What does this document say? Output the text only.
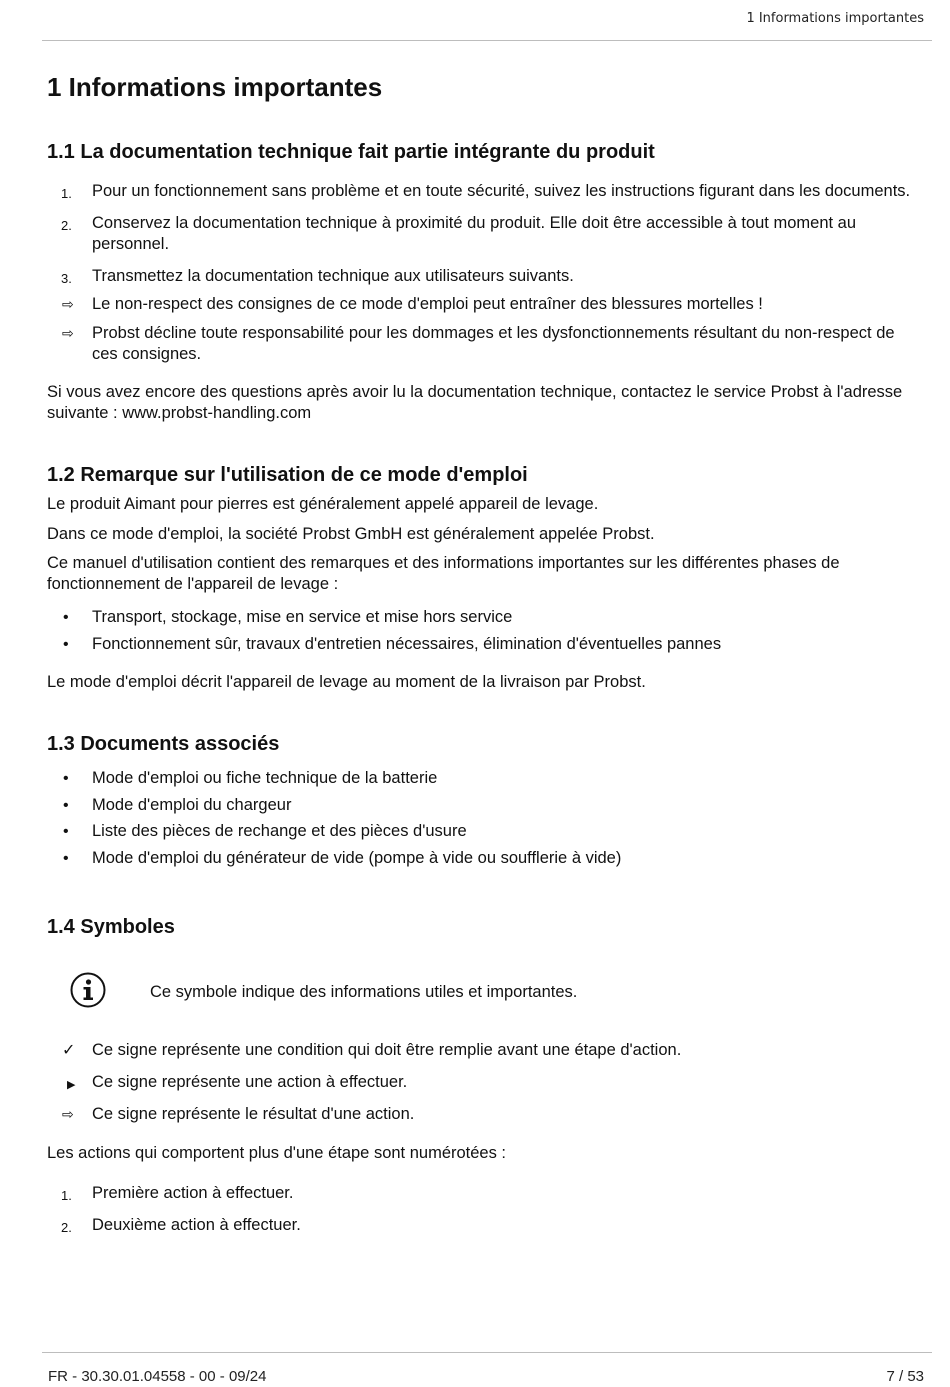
1 Informations importantes
1 Informations importantes
1.1 La documentation technique fait partie intégrante du produit
1.	Pour un fonctionnement sans problème et en toute sécurité, suivez les instructions figurant dans les documents.
2.	Conservez la documentation technique à proximité du produit. Elle doit être accessible à tout moment au personnel.
3.	Transmettez la documentation technique aux utilisateurs suivants.
⇨	Le non-respect des consignes de ce mode d'emploi peut entraîner des blessures mortelles !
⇨	Probst décline toute responsabilité pour les dommages et les dysfonctionnements résultant du non-respect de ces consignes.

Si vous avez encore des questions après avoir lu la documentation technique, contactez le service Probst à l'adresse suivante : www.probst-handling.com

1.2 Remarque sur l'utilisation de ce mode d'emploi

Le produit Aimant pour pierres est généralement appelé appareil de levage.

Dans ce mode d'emploi, la société Probst GmbH est généralement appelée Probst.

Ce manuel d'utilisation contient des remarques et des informations importantes sur les différentes phases de fonctionnement de l'appareil de levage :

•	Transport, stockage, mise en service et mise hors service
•	Fonctionnement sûr, travaux d'entretien nécessaires, élimination d'éventuelles pannes

Le mode d'emploi décrit l'appareil de levage au moment de la livraison par Probst.

1.3 Documents associés
•	Mode d'emploi ou fiche technique de la batterie
•	Mode d'emploi du chargeur
•	Liste des pièces de rechange et des pièces d'usure
•	Mode d'emploi du générateur de vide (pompe à vide ou soufflerie à vide)
1.4 Symboles
Ce symbole indique des informations utiles et importantes.
✓	Ce signe représente une condition qui doit être remplie avant une étape d'action.
▶	Ce signe représente une action à effectuer.
⇨	Ce signe représente le résultat d'une action.

Les actions qui comportent plus d'une étape sont numérotées :

1.	Première action à effectuer.
2.	Deuxième action à effectuer.
FR - 30.30.01.04558 - 00 - 09/24	7 / 53
